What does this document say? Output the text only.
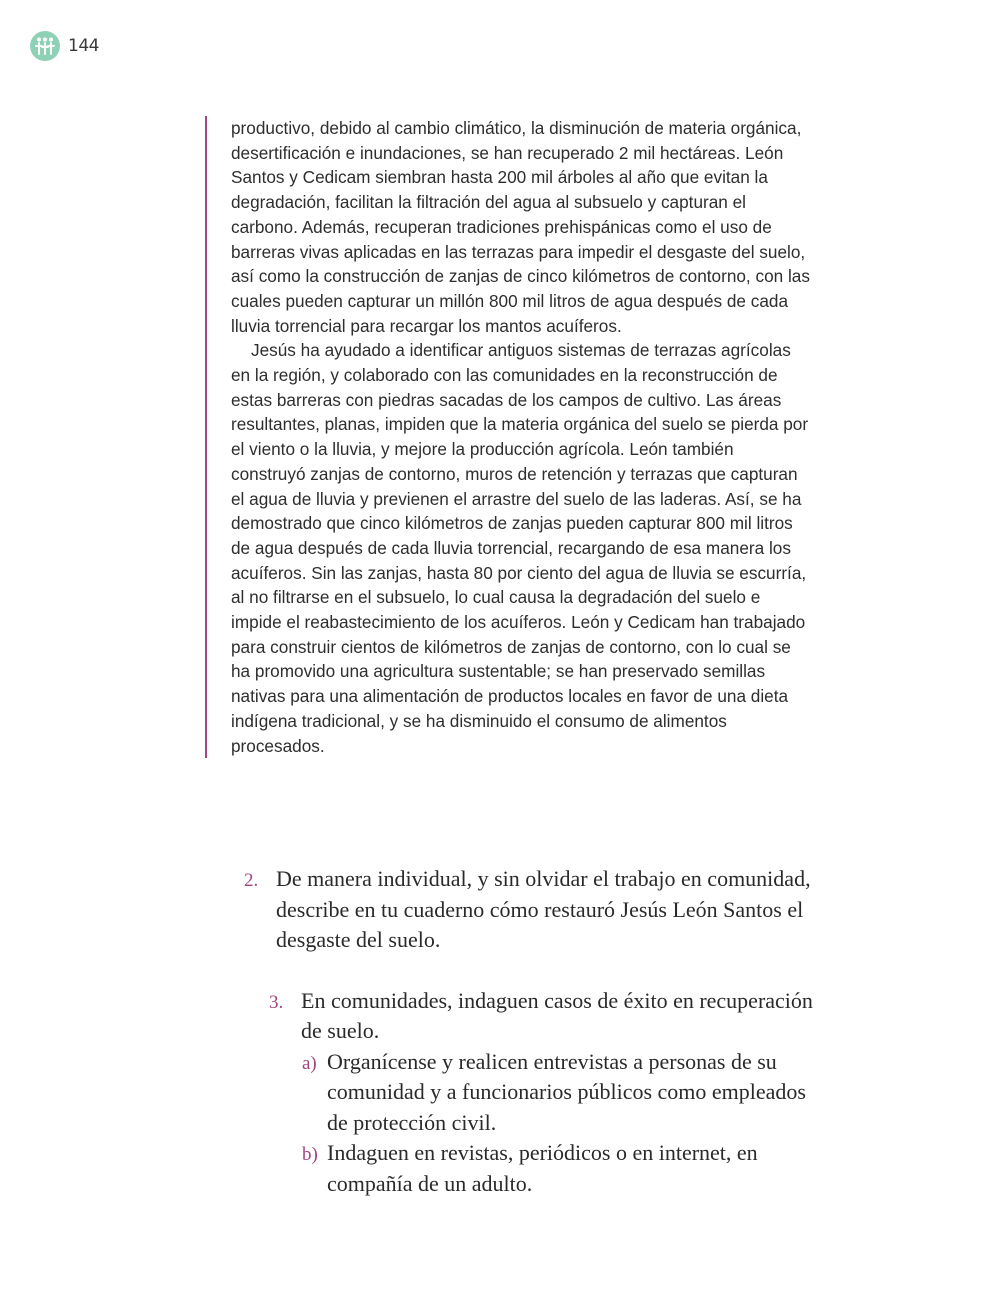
144

productivo, debido al cambio climático, la disminución de materia orgánica, desertificación e inundaciones, se han recuperado 2 mil hectáreas. León Santos y Cedicam siembran hasta 200 mil árboles al año que evitan la degradación, facilitan la filtración del agua al subsuelo y capturan el carbono. Además, recuperan tradiciones prehispánicas como el uso de barreras vivas aplicadas en las terrazas para impedir el desgaste del suelo, así como la construcción de zanjas de cinco kilómetros de contorno, con las cuales pueden capturar un millón 800 mil litros de agua después de cada lluvia torrencial para recargar los mantos acuíferos.

Jesús ha ayudado a identificar antiguos sistemas de terrazas agrícolas en la región, y colaborado con las comunidades en la reconstrucción de estas barreras con piedras sacadas de los campos de cultivo. Las áreas resultantes, planas, impiden que la materia orgánica del suelo se pierda por el viento o la lluvia, y mejore la producción agrícola. León también construyó zanjas de contorno, muros de retención y terrazas que capturan el agua de lluvia y previenen el arrastre del suelo de las laderas. Así, se ha demostrado que cinco kilómetros de zanjas pueden capturar 800 mil litros de agua después de cada lluvia torrencial, recargando de esa manera los acuíferos. Sin las zanjas, hasta 80 por ciento del agua de lluvia se escurría, al no filtrarse en el subsuelo, lo cual causa la degradación del suelo e impide el reabastecimiento de los acuíferos. León y Cedicam han trabajado para construir cientos de kilómetros de zanjas de contorno, con lo cual se ha promovido una agricultura sustentable; se han preservado semillas nativas para una alimentación de productos locales en favor de una dieta indígena tradicional, y se ha disminuido el consumo de alimentos procesados.

2. De manera individual, y sin olvidar el trabajo en comunidad, describe en tu cuaderno cómo restauró Jesús León Santos el desgaste del suelo.
3. En comunidades, indaguen casos de éxito en recuperación de suelo.
a) Organícense y realicen entrevistas a personas de su comunidad y a funcionarios públicos como empleados de protección civil.
b) Indaguen en revistas, periódicos o en internet, en compañía de un adulto.
